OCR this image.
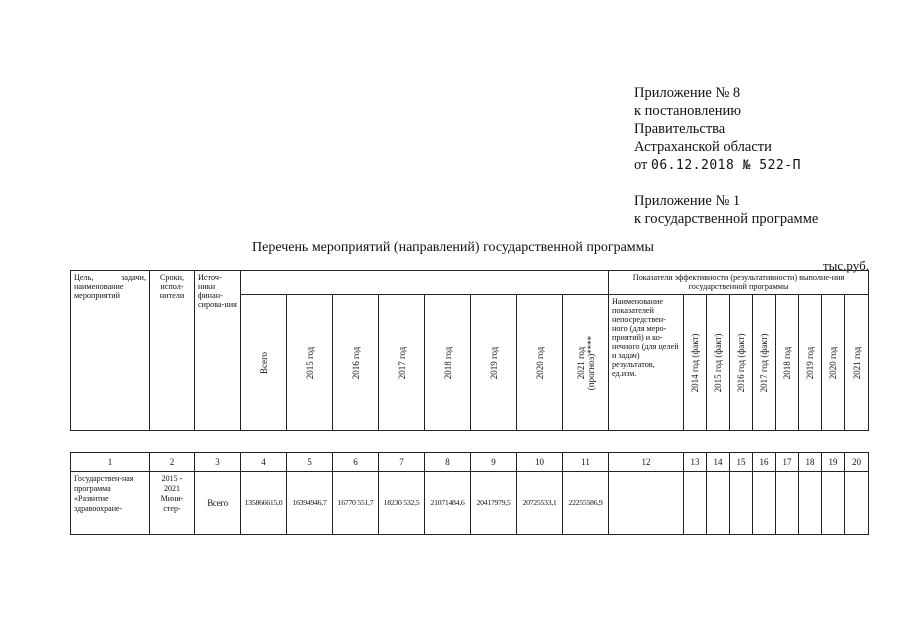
Приложение № 8
к постановлению
Правительства
Астраханской области
от 06.12.2018 № 522-П
Приложение № 1
к государственной программе
Перечень мероприятий (направлений) государственной программы
тыс.руб.
Цель, задачи, наименование мероприятий	Сроки, испол-нители	Источ-ники финан-сирова-ния									Показатели эффективности (результативности) выполне-ния государственной программы								

			Всего	2015 год	2016 год	2017 год	2018 год	2019 год	2020 год	2021 год (прогноз)****	Наименование показателей непосредствен-ного (для меро-приятий) и ко-нечного (для целей и задач) результатов, ед.изм.	2014 год (факт)	2015 год (факт)	2016 год (факт)	2017 год (факт)	2018 год	2019 год	2020 год	2021 год
1	2	3	4	5	6	7	8	9	10	11	12	13	14	15	16	17	18	19	20
Государствен-ная программа «Развитие здравоохране-	2015 - 2021 Мини-стер-	Всего	135866615,0	16394946,7	16770 551,7	18230 532,5	21071484,6	20417979,5	20725533,1	22255586,9									
